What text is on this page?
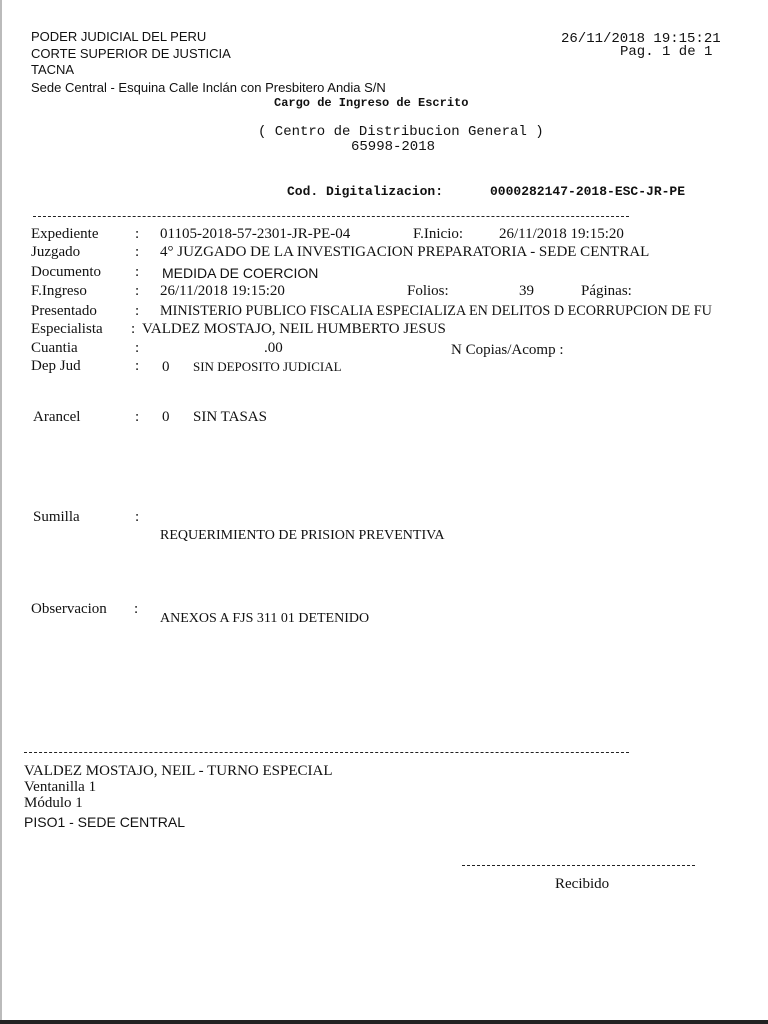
PODER JUDICIAL DEL PERU
CORTE SUPERIOR DE JUSTICIA
TACNA
Sede Central - Esquina Calle Inclán con Presbitero Andia S/N
26/11/2018 19:15:21
Pag. 1 de 1
Cargo de Ingreso de Escrito
( Centro de Distribucion General )
65998-2018
Cod. Digitalizacion:	0000282147-2018-ESC-JR-PE
Expediente : 01105-2018-57-2301-JR-PE-04	F.Inicio: 26/11/2018 19:15:20
Juzgado	: 4° JUZGADO DE LA INVESTIGACION PREPARATORIA - SEDE CENTRAL
Documento : MEDIDA DE COERCION
F.Ingreso	: 26/11/2018 19:15:20	Folios:	39	Páginas:
Presentado	: MINISTERIO PUBLICO FISCALIA ESPECIALIZA EN DELITOS D ECORRUPCION DE FU
Especialista : VALDEZ MOSTAJO, NEIL HUMBERTO JESUS
Cuantia	:	.00	N Copias/Acomp :
Dep Jud	: 0 SIN DEPOSITO JUDICIAL
Arancel	: 0 SIN TASAS
Sumilla	:
REQUERIMIENTO DE PRISION PREVENTIVA
Observacion :
ANEXOS A FJS 311 01 DETENIDO
VALDEZ MOSTAJO, NEIL - TURNO ESPECIAL
Ventanilla 1
Módulo 1
PISO1 - SEDE CENTRAL
Recibido
